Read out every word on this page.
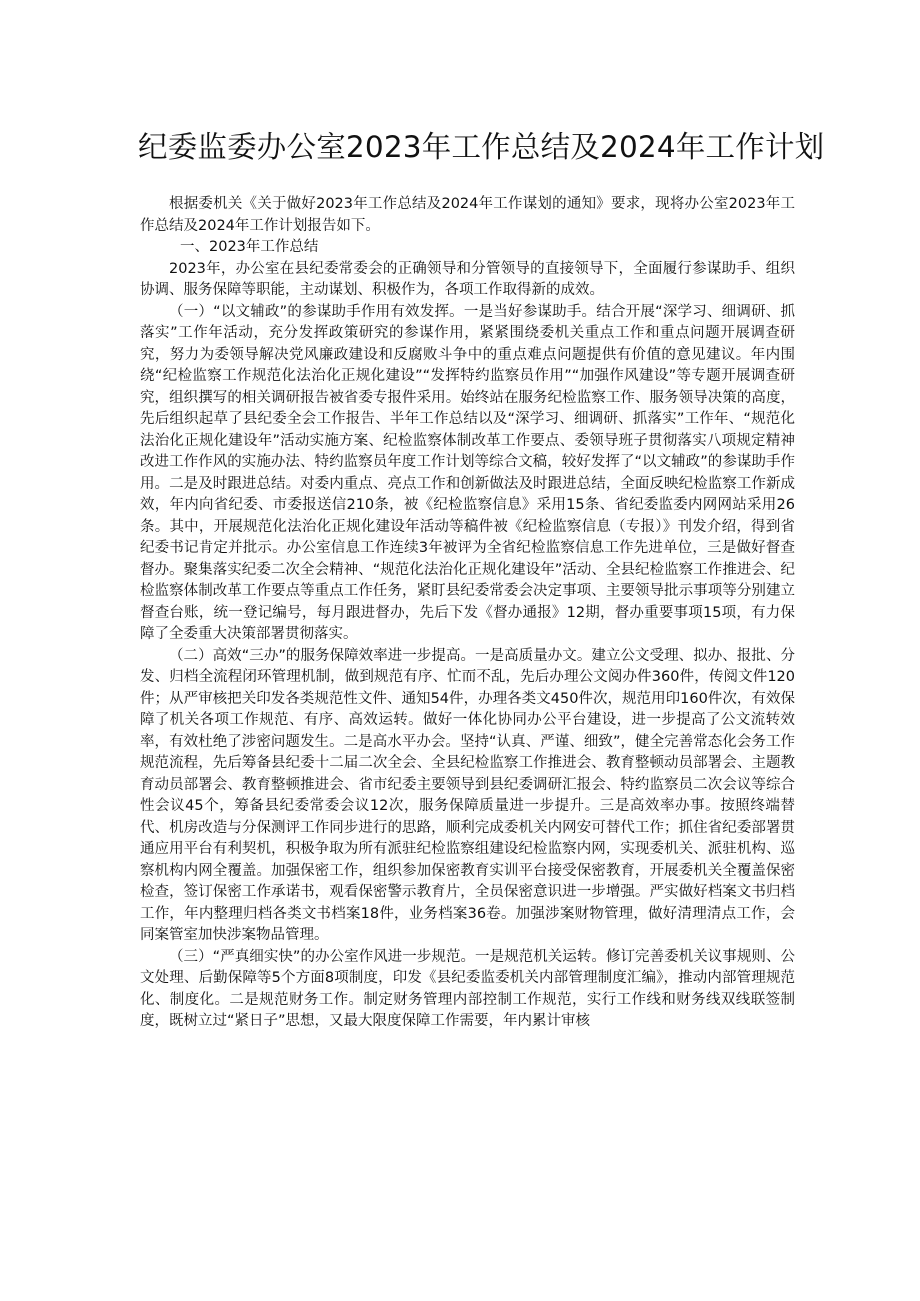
纪委监委办公室2023年工作总结及2024年工作计划

根据委机关《关于做好2023年工作总结及2024年工作谋划的通知》要求，现将办公室2023年工作总结及2024年工作计划报告如下。

一、2023年工作总结

2023年，办公室在县纪委常委会的正确领导和分管领导的直接领导下，全面履行参谋助手、组织协调、服务保障等职能，主动谋划、积极作为，各项工作取得新的成效。

（一）“以文辅政”的参谋助手作用有效发挥。一是当好参谋助手。结合开展“深学习、细调研、抓落实”工作年活动，充分发挥政策研究的参谋作用，紧紧围绕委机关重点工作和重点问题开展调查研究，努力为委领导解决党风廉政建设和反腐败斗争中的重点难点问题提供有价值的意见建议。年内围绕“纪检监察工作规范化法治化正规化建设”“发挥特约监察员作用”“加强作风建设”等专题开展调查研究，组织撰写的相关调研报告被省委专报件采用。始终站在服务纪检监察工作、服务领导决策的高度，先后组织起草了县纪委全会工作报告、半年工作总结以及“深学习、细调研、抓落实”工作年、“规范化法治化正规化建设年”活动实施方案、纪检监察体制改革工作要点、委领导班子贯彻落实八项规定精神改进工作作风的实施办法、特约监察员年度工作计划等综合文稿，较好发挥了“以文辅政”的参谋助手作用。二是及时跟进总结。对委内重点、亮点工作和创新做法及时跟进总结，全面反映纪检监察工作新成效，年内向省纪委、市委报送信210条，被《纪检监察信息》采用15条、省纪委监委内网网站采用26条。其中，开展规范化法治化正规化建设年活动等稿件被《纪检监察信息（专报）》刊发介绍，得到省纪委书记肯定并批示。办公室信息工作连续3年被评为全省纪检监察信息工作先进单位，三是做好督查督办。聚集落实纪委二次全会精神、“规范化法治化正规化建设年”活动、全县纪检监察工作推进会、纪检监察体制改革工作要点等重点工作任务，紧盯县纪委常委会决定事项、主要领导批示事项等分别建立督查台账，统一登记编号，每月跟进督办，先后下发《督办通报》12期，督办重要事项15项，有力保障了全委重大决策部署贯彻落实。

（二）高效“三办”的服务保障效率进一步提高。一是高质量办文。建立公文受理、拟办、报批、分发、归档全流程闭环管理机制，做到规范有序、忙而不乱，先后办理公文阅办件360件，传阅文件120件；从严审核把关印发各类规范性文件、通知54件，办理各类文450件次，规范用印160件次，有效保障了机关各项工作规范、有序、高效运转。做好一体化协同办公平台建设，进一步提高了公文流转效率，有效杜绝了涉密问题发生。二是高水平办会。坚持“认真、严谨、细致”，健全完善常态化会务工作规范流程，先后筹备县纪委十二届二次全会、全县纪检监察工作推进会、教育整顿动员部署会、主题教育动员部署会、教育整顿推进会、省市纪委主要领导到县纪委调研汇报会、特约监察员二次会议等综合性会议45个，筹备县纪委常委会议12次，服务保障质量进一步提升。三是高效率办事。按照终端替代、机房改造与分保测评工作同步进行的思路，顺利完成委机关内网安可替代工作；抓住省纪委部署贯通应用平台有利契机，积极争取为所有派驻纪检监察组建设纪检监察内网，实现委机关、派驻机构、巡察机构内网全覆盖。加强保密工作，组织参加保密教育实训平台接受保密教育，开展委机关全覆盖保密检查，签订保密工作承诺书，观看保密警示教育片，全员保密意识进一步增强。严实做好档案文书归档工作，年内整理归档各类文书档案18件，业务档案36卷。加强涉案财物管理，做好清理清点工作，会同案管室加快涉案物品管理。

（三）“严真细实快”的办公室作风进一步规范。一是规范机关运转。修订完善委机关议事规则、公文处理、后勤保障等5个方面8项制度，印发《县纪委监委机关内部管理制度汇编》，推动内部管理规范化、制度化。二是规范财务工作。制定财务管理内部控制工作规范，实行工作线和财务线双线联签制度，既树立过“紧日子”思想，又最大限度保障工作需要，年内累计审核
